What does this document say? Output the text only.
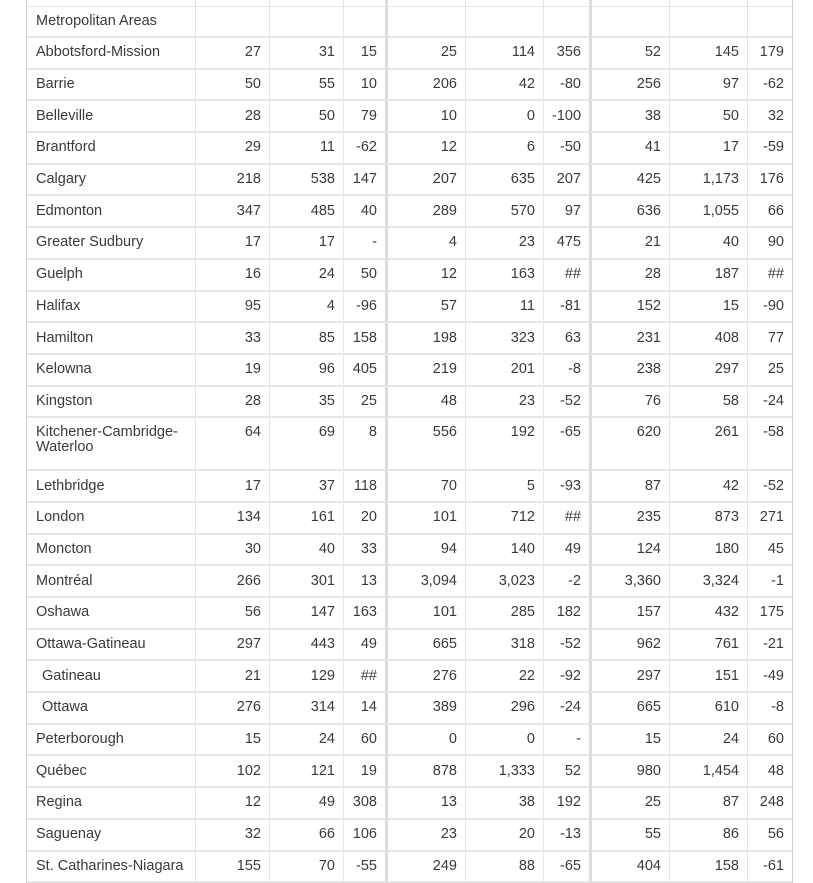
Metropolitan Areas									
Abbotsford-Mission	27	31	15	25	114	356	52	145	179
Barrie	50	55	10	206	42	-80	256	97	-62
Belleville	28	50	79	10	0	-100	38	50	32
Brantford	29	11	-62	12	6	-50	41	17	-59
Calgary	218	538	147	207	635	207	425	1,173	176
Edmonton	347	485	40	289	570	97	636	1,055	66
Greater Sudbury	17	17	-	4	23	475	21	40	90
Guelph	16	24	50	12	163	##	28	187	##
Halifax	95	4	-96	57	11	-81	152	15	-90
Hamilton	33	85	158	198	323	63	231	408	77
Kelowna	19	96	405	219	201	-8	238	297	25
Kingston	28	35	25	48	23	-52	76	58	-24
Kitchener-Cambridge-Waterloo	64	69	8	556	192	-65	620	261	-58
Lethbridge	17	37	118	70	5	-93	87	42	-52
London	134	161	20	101	712	##	235	873	271
Moncton	30	40	33	94	140	49	124	180	45
Montréal	266	301	13	3,094	3,023	-2	3,360	3,324	-1
Oshawa	56	147	163	101	285	182	157	432	175
Ottawa-Gatineau	297	443	49	665	318	-52	962	761	-21
Gatineau	21	129	##	276	22	-92	297	151	-49
Ottawa	276	314	14	389	296	-24	665	610	-8
Peterborough	15	24	60	0	0	-	15	24	60
Québec	102	121	19	878	1,333	52	980	1,454	48
Regina	12	49	308	13	38	192	25	87	248
Saguenay	32	66	106	23	20	-13	55	86	56
St. Catharines-Niagara	155	70	-55	249	88	-65	404	158	-61
